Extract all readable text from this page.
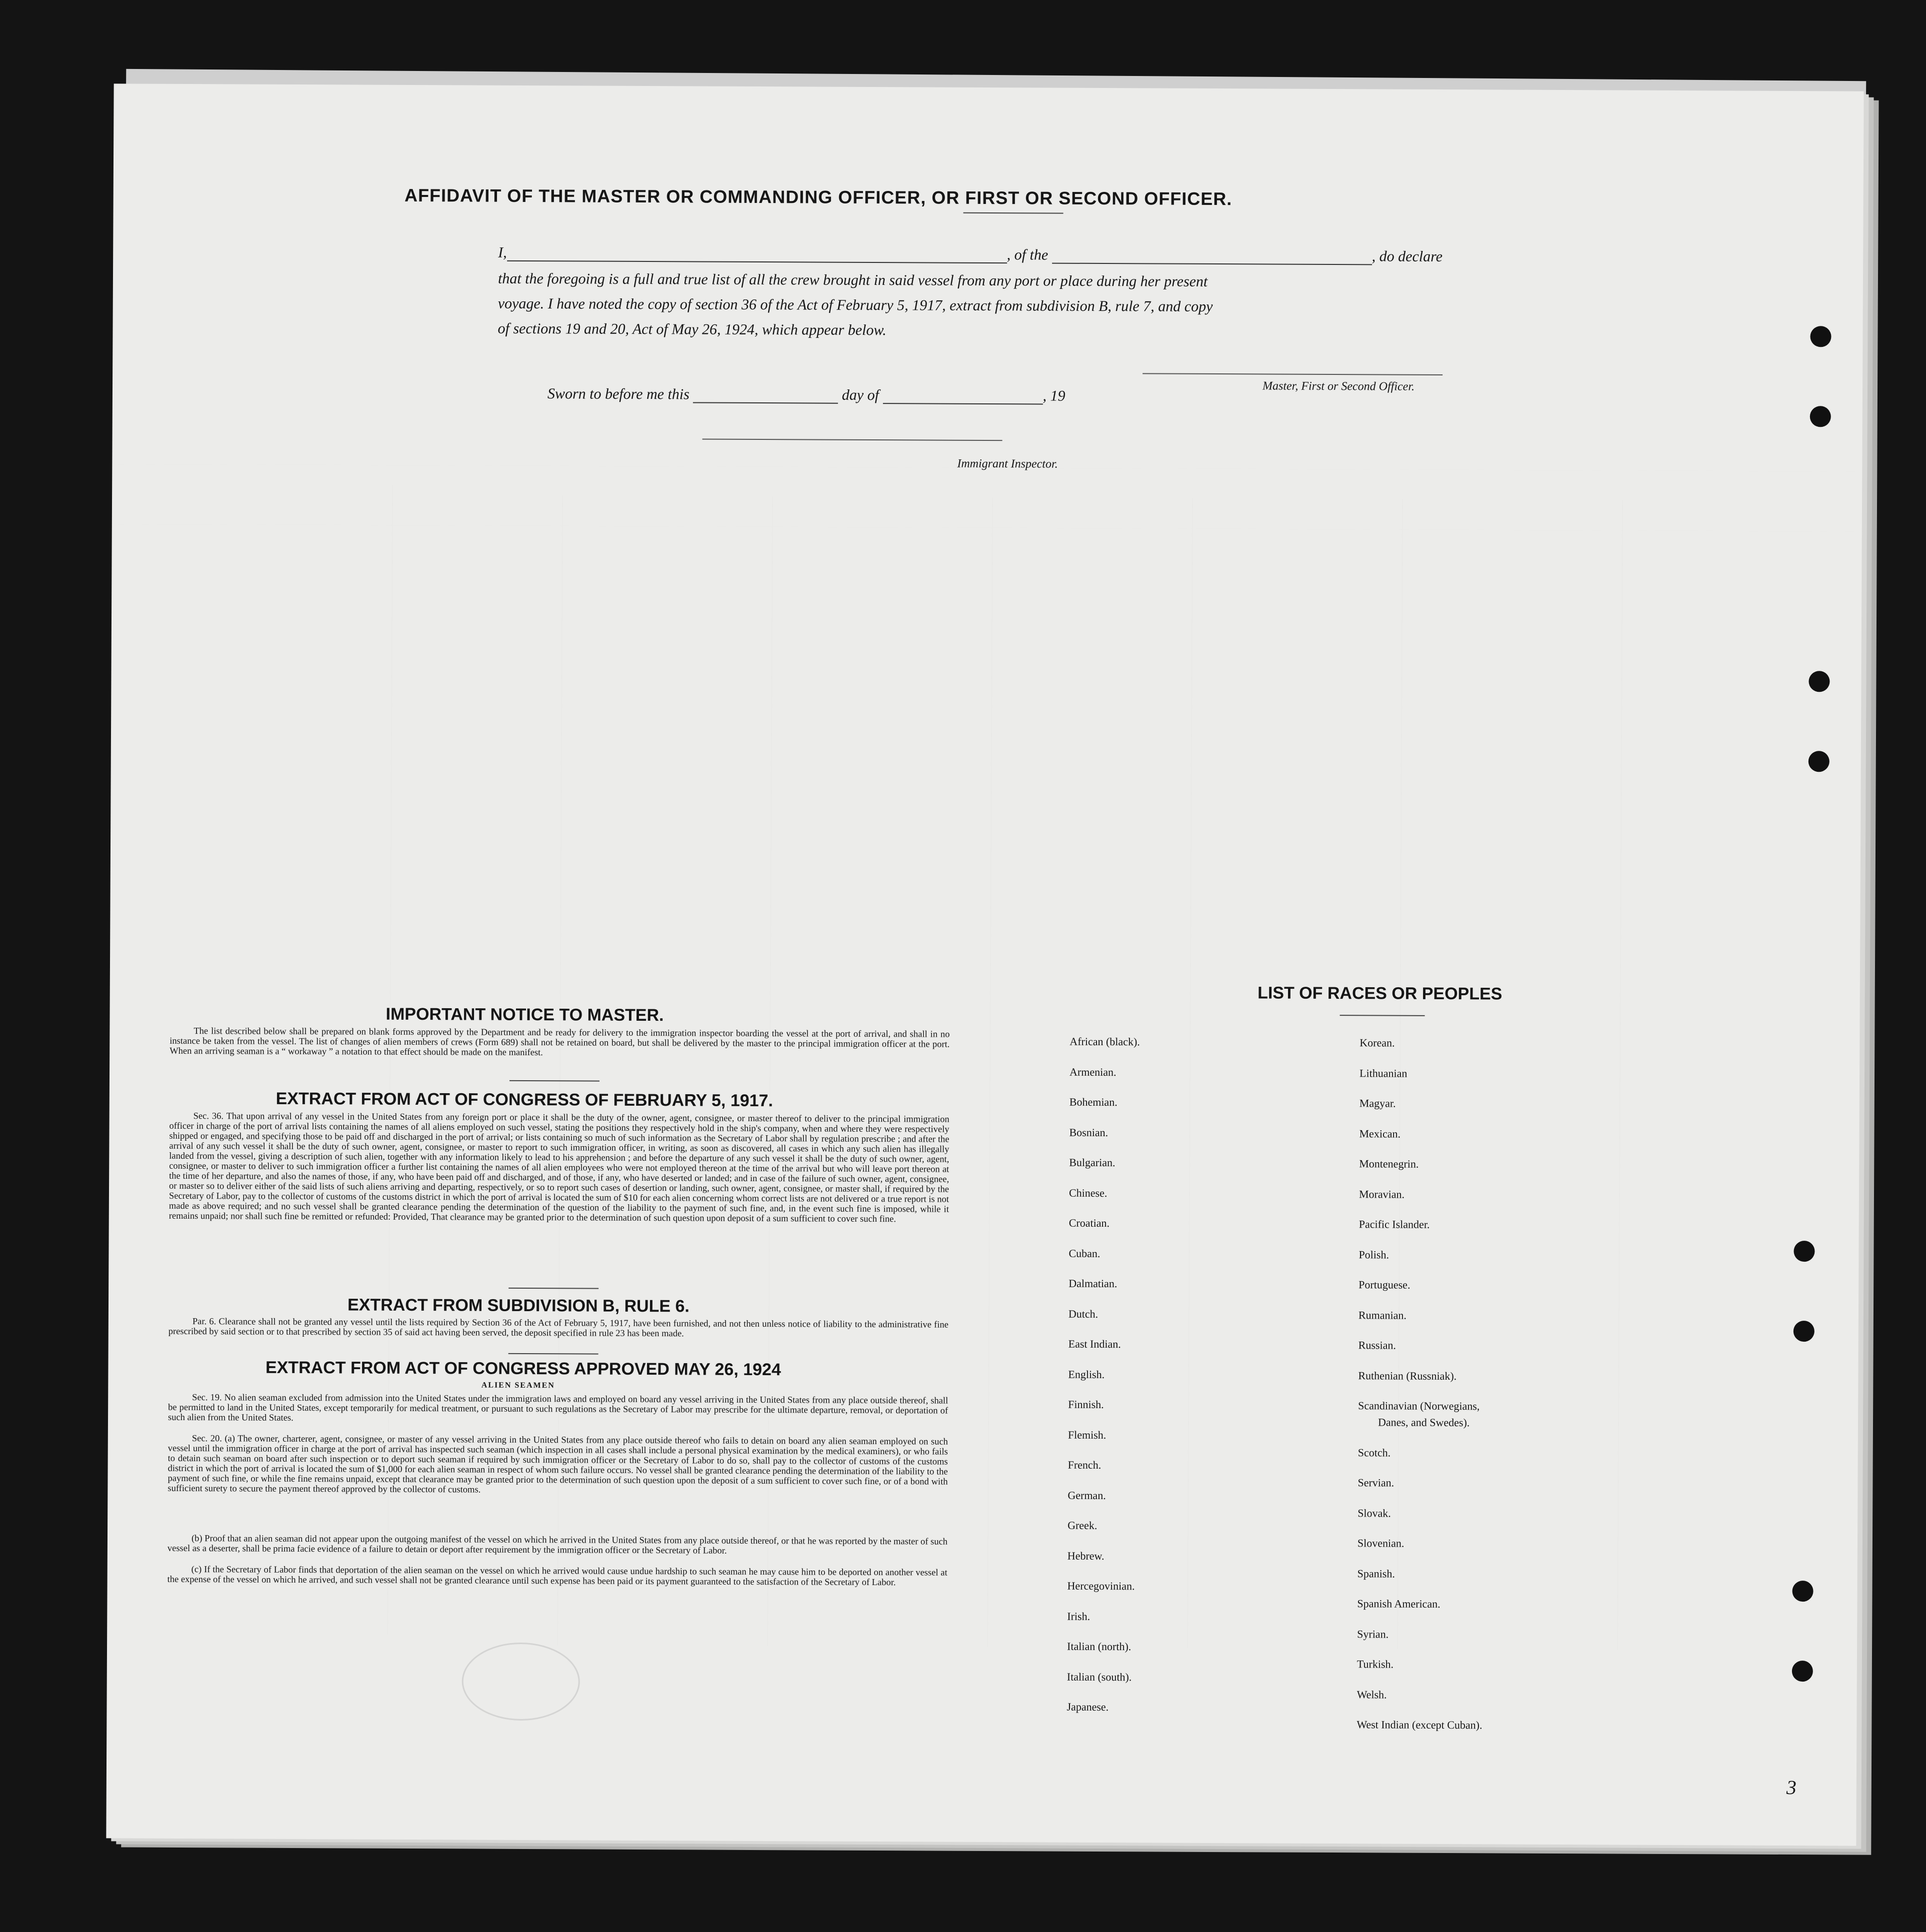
AFFIDAVIT OF THE MASTER OR COMMANDING OFFICER, OR FIRST OR SECOND OFFICER.
I,	, of the	, do declare
that the foregoing is a full and true list of all the crew brought in said vessel from any port or place during her present
voyage. I have noted the copy of section 36 of the Act of February 5, 1917, extract from subdivision B, rule 7, and copy
of sections 19 and 20, Act of May 26, 1924, which appear below.
Master, First or Second Officer.
Sworn to before me this	day of	, 19
Immigrant Inspector.
IMPORTANT NOTICE TO MASTER.
The list described below shall be prepared on blank forms approved by the Department and be ready for delivery to the immigration inspector boarding the vessel at the port of arrival, and shall in no instance be taken from the vessel. The list of changes of alien members of crews (Form 689) shall not be retained on board, but shall be delivered by the master to the principal immigration officer at the port. When an arriving seaman is a “ workaway ” a notation to that effect should be made on the manifest.
EXTRACT FROM ACT OF CONGRESS OF FEBRUARY 5, 1917.
Sec. 36. That upon arrival of any vessel in the United States from any foreign port or place it shall be the duty of the owner, agent, consignee, or master thereof to deliver to the principal immigration officer in charge of the port of arrival lists containing the names of all aliens employed on such vessel, stating the positions they respectively hold in the ship's company, when and where they were respectively shipped or engaged, and specifying those to be paid off and discharged in the port of arrival; or lists containing so much of such information as the Secretary of Labor shall by regulation prescribe ; and after the arrival of any such vessel it shall be the duty of such owner, agent, consignee, or master to report to such immigration officer, in writing, as soon as discovered, all cases in which any such alien has illegally landed from the vessel, giving a description of such alien, together with any information likely to lead to his apprehension ; and before the departure of any such vessel it shall be the duty of such owner, agent, consignee, or master to deliver to such immigration officer a further list containing the names of all alien employees who were not employed thereon at the time of the arrival but who will leave port thereon at the time of her departure, and also the names of those, if any, who have been paid off and discharged, and of those, if any, who have deserted or landed; and in case of the failure of such owner, agent, consignee, or master so to deliver either of the said lists of such aliens arriving and departing, respectively, or so to report such cases of desertion or landing, such owner, agent, consignee, or master shall, if required by the Secretary of Labor, pay to the collector of customs of the customs district in which the port of arrival is located the sum of $10 for each alien concerning whom correct lists are not delivered or a true report is not made as above required; and no such vessel shall be granted clearance pending the determination of the question of the liability to the payment of such fine, and, in the event such fine is imposed, while it remains unpaid; nor shall such fine be remitted or refunded: Provided, That clearance may be granted prior to the determination of such question upon deposit of a sum sufficient to cover such fine.
EXTRACT FROM SUBDIVISION B, RULE 6.
Par. 6. Clearance shall not be granted any vessel until the lists required by Section 36 of the Act of February 5, 1917, have been furnished, and not then unless notice of liability to the administrative fine prescribed by said section or to that prescribed by section 35 of said act having been served, the deposit specified in rule 23 has been made.
EXTRACT FROM ACT OF CONGRESS APPROVED MAY 26, 1924
ALIEN SEAMEN
Sec. 19. No alien seaman excluded from admission into the United States under the immigration laws and employed on board any vessel arriving in the United States from any place outside thereof, shall be permitted to land in the United States, except temporarily for medical treatment, or pursuant to such regulations as the Secretary of Labor may prescribe for the ultimate departure, removal, or deportation of such alien from the United States.
Sec. 20. (a) The owner, charterer, agent, consignee, or master of any vessel arriving in the United States from any place outside thereof who fails to detain on board any alien seaman employed on such vessel until the immigration officer in charge at the port of arrival has inspected such seaman (which inspection in all cases shall include a personal physical examination by the medical examiners), or who fails to detain such seaman on board after such inspection or to deport such seaman if required by such immigration officer or the Secretary of Labor to do so, shall pay to the collector of customs of the customs district in which the port of arrival is located the sum of $1,000 for each alien seaman in respect of whom such failure occurs. No vessel shall be granted clearance pending the determination of the liability to the payment of such fine, or while the fine remains unpaid, except that clearance may be granted prior to the determination of such question upon the deposit of a sum sufficient to cover such fine, or of a bond with sufficient surety to secure the payment thereof approved by the collector of customs.
(b) Proof that an alien seaman did not appear upon the outgoing manifest of the vessel on which he arrived in the United States from any place outside thereof, or that he was reported by the master of such vessel as a deserter, shall be prima facie evidence of a failure to detain or deport after requirement by the immigration officer or the Secretary of Labor.
(c) If the Secretary of Labor finds that deportation of the alien seaman on the vessel on which he arrived would cause undue hardship to such seaman he may cause him to be deported on another vessel at the expense of the vessel on which he arrived, and such vessel shall not be granted clearance until such expense has been paid or its payment guaranteed to the satisfaction of the Secretary of Labor.
LIST OF RACES OR PEOPLES
African (black).
Armenian.
Bohemian.
Bosnian.
Bulgarian.
Chinese.
Croatian.
Cuban.
Dalmatian.
Dutch.
East Indian.
English.
Finnish.
Flemish.
French.
German.
Greek.
Hebrew.
Hercegovinian.
Irish.
Italian (north).
Italian (south).
Japanese.
Korean.
Lithuanian
Magyar.
Mexican.
Montenegrin.
Moravian.
Pacific Islander.
Polish.
Portuguese.
Rumanian.
Russian.
Ruthenian (Russniak).
Scandinavian (Norwegians,
Danes, and Swedes).
Scotch.
Servian.
Slovak.
Slovenian.
Spanish.
Spanish American.
Syrian.
Turkish.
Welsh.
West Indian (except Cuban).
3
